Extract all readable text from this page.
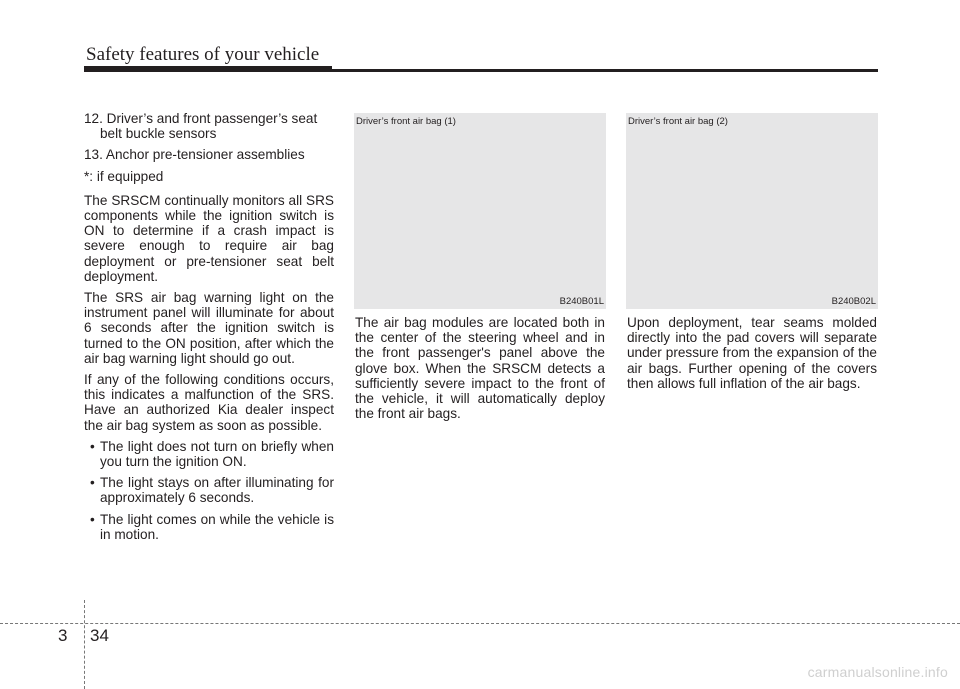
Safety features of your vehicle

12. Driver’s and front passenger’s seat belt buckle sensors

13. Anchor pre-tensioner assemblies

*: if equipped

The SRSCM continually monitors all SRS components while the ignition switch is ON to determine if a crash impact is severe enough to require air bag deployment or pre-tensioner seat belt deployment.

The SRS air bag warning light on the instrument panel will illuminate for about 6 seconds after the ignition switch is turned to the ON position, after which the air bag warning light should go out.

If any of the following conditions occurs, this indicates a malfunction of the SRS. Have an authorized Kia dealer inspect the air bag system as soon as possible.

• The light does not turn on briefly when you turn the ignition ON.

• The light stays on after illuminating for approximately 6 seconds.

• The light comes on while the vehicle is in motion.

Driver’s front air bag (1)
B240B01L
Driver’s front air bag (2)
B240B02L

The air bag modules are located both in the center of the steering wheel and in the front passenger's panel above the glove box. When the SRSCM detects a sufficiently severe impact to the front of the vehicle, it will automatically deploy the front air bags.

Upon deployment, tear seams molded directly into the pad covers will separate under pressure from the expansion of the air bags. Further opening of the covers then allows full inflation of the air bags.

3 34
carmanualsonline.info
